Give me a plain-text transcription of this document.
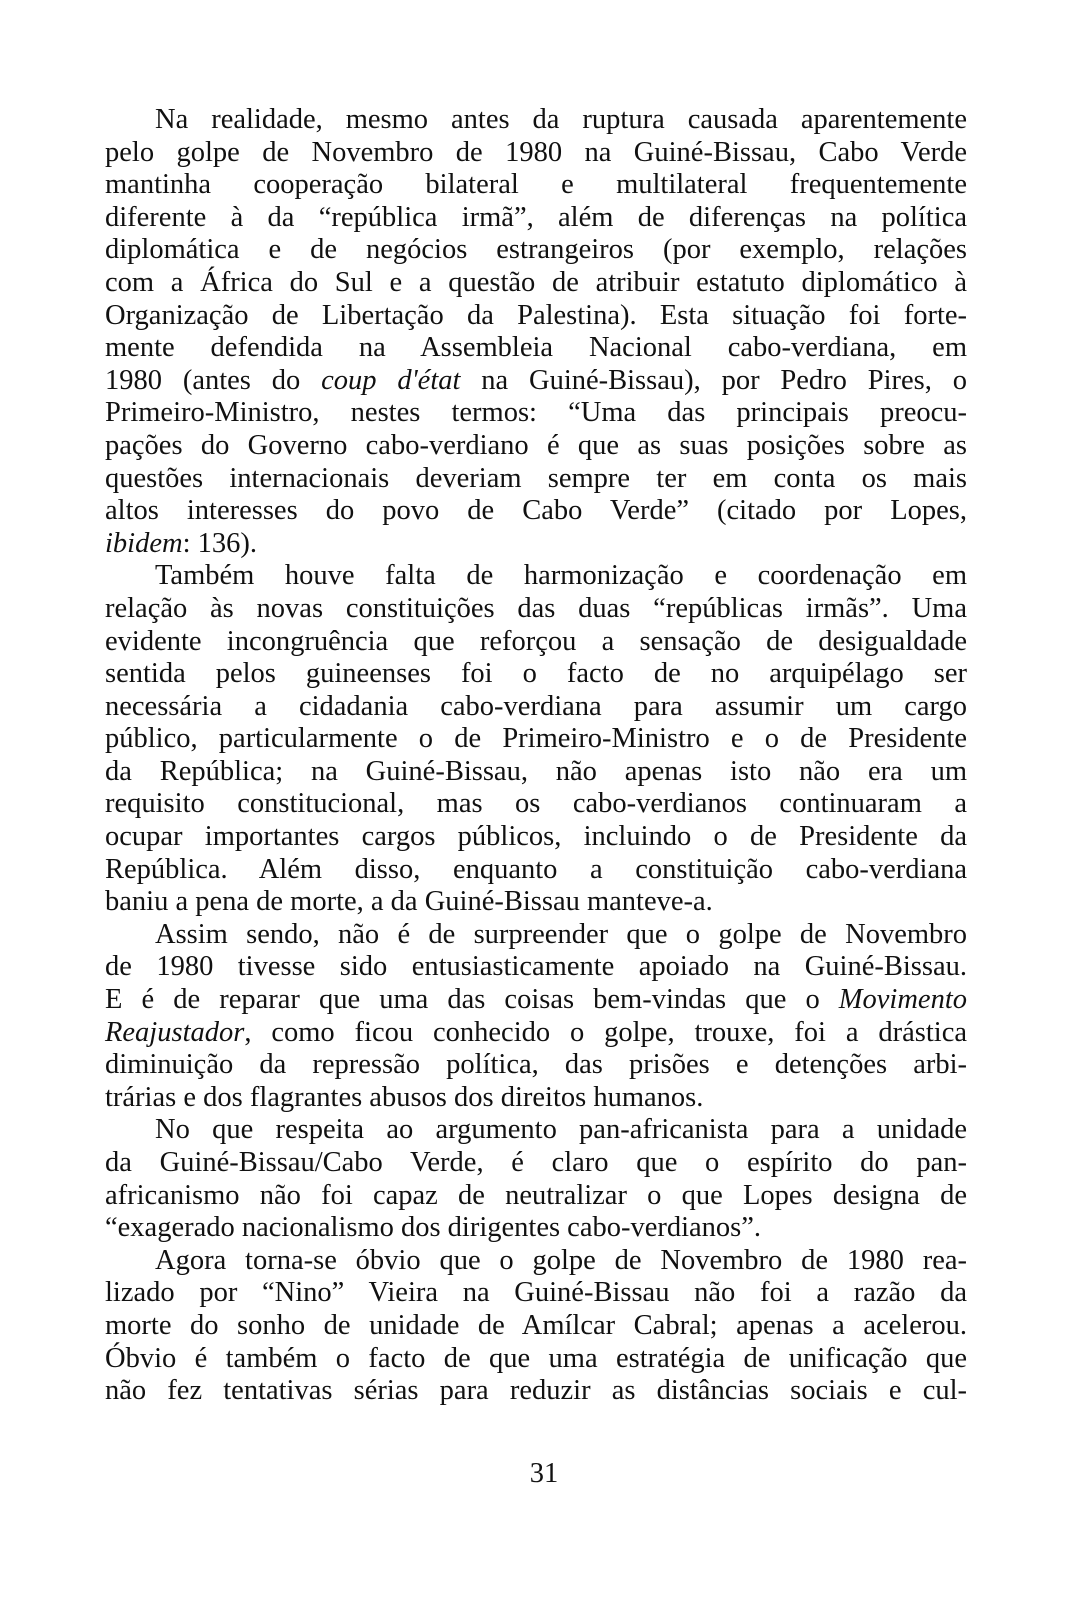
Na realidade, mesmo antes da ruptura causada aparentemente
pelo golpe de Novembro de 1980 na Guiné-Bissau, Cabo Verde
mantinha cooperação bilateral e multilateral frequentemente
diferente à da “república irmã”, além de diferenças na política
diplomática e de negócios estrangeiros (por exemplo, relações
com a África do Sul e a questão de atribuir estatuto diplomático à
Organização de Libertação da Palestina). Esta situação foi forte-
mente defendida na Assembleia Nacional cabo-verdiana, em
1980 (antes do coup d'état na Guiné-Bissau), por Pedro Pires, o
Primeiro-Ministro, nestes termos: “Uma das principais preocu-
pações do Governo cabo-verdiano é que as suas posições sobre as
questões internacionais deveriam sempre ter em conta os mais
altos interesses do povo de Cabo Verde” (citado por Lopes,
ibidem: 136).
Também houve falta de harmonização e coordenação em
relação às novas constituições das duas “repúblicas irmãs”. Uma
evidente incongruência que reforçou a sensação de desigualdade
sentida pelos guineenses foi o facto de no arquipélago ser
necessária a cidadania cabo-verdiana para assumir um cargo
público, particularmente o de Primeiro-Ministro e o de Presidente
da República; na Guiné-Bissau, não apenas isto não era um
requisito constitucional, mas os cabo-verdianos continuaram a
ocupar importantes cargos públicos, incluindo o de Presidente da
República. Além disso, enquanto a constituição cabo-verdiana
baniu a pena de morte, a da Guiné-Bissau manteve-a.
Assim sendo, não é de surpreender que o golpe de Novembro
de 1980 tivesse sido entusiasticamente apoiado na Guiné-Bissau.
E é de reparar que uma das coisas bem-vindas que o Movimento
Reajustador, como ficou conhecido o golpe, trouxe, foi a drástica
diminuição da repressão política, das prisões e detenções arbi-
trárias e dos flagrantes abusos dos direitos humanos.
No que respeita ao argumento pan-africanista para a unidade
da Guiné-Bissau/Cabo Verde, é claro que o espírito do pan-
africanismo não foi capaz de neutralizar o que Lopes designa de
“exagerado nacionalismo dos dirigentes cabo-verdianos”.
Agora torna-se óbvio que o golpe de Novembro de 1980 rea-
lizado por “Nino” Vieira na Guiné-Bissau não foi a razão da
morte do sonho de unidade de Amílcar Cabral; apenas a acelerou.
Óbvio é também o facto de que uma estratégia de unificação que
não fez tentativas sérias para reduzir as distâncias sociais e cul-
31
